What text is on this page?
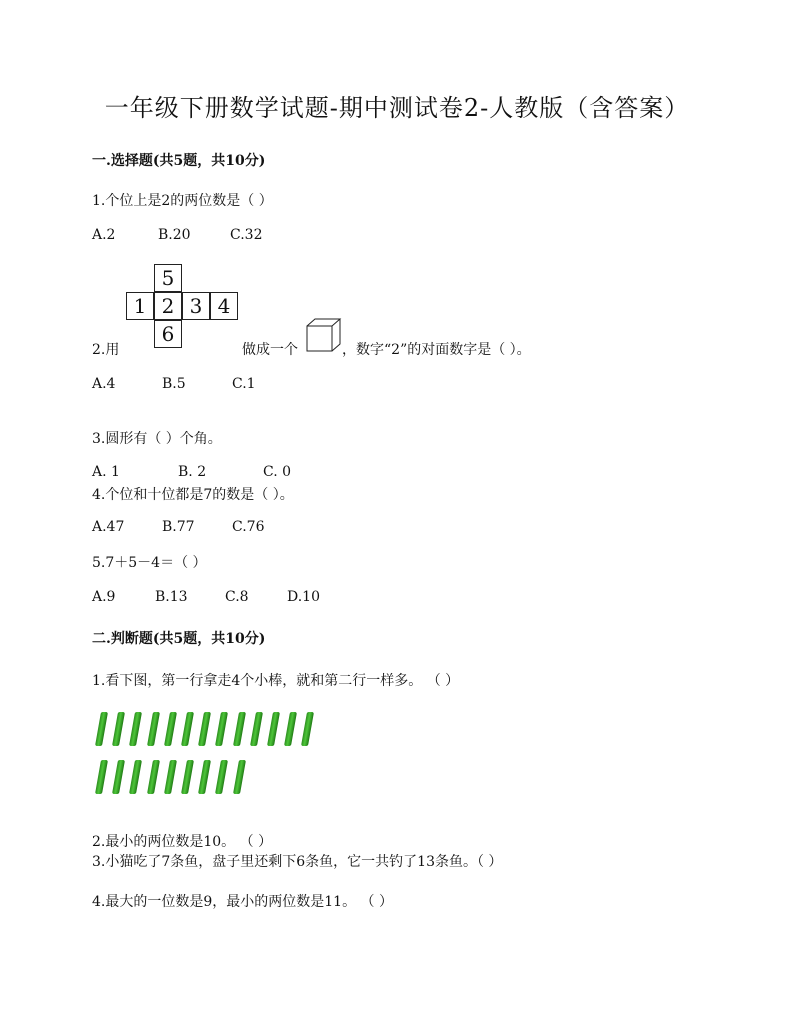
一年级下册数学试题-期中测试卷2-人教版（含答案）
一.选择题(共5题，共10分)
1.个位上是2的两位数是（ ）
A.2	B.20	C.32
5
1 2 3 4
6
2.用	做成一个	，数字“2”的对面数字是（ ）。
A.4	B.5	C.1
3.圆形有（ ）个角。
A. 1	B. 2	C. 0
4.个位和十位都是7的数是（ ）。
A.47	B.77	C.76
5.7＋5－4＝（ ）
A.9	B.13	C.8	D.10
二.判断题(共5题，共10分)
1.看下图，第一行拿走4个小棒，就和第二行一样多。 （ ）
2.最小的两位数是10。 （ ）
3.小猫吃了7条鱼，盘子里还剩下6条鱼，它一共钓了13条鱼。（ ）
4.最大的一位数是9，最小的两位数是11。 （ ）
